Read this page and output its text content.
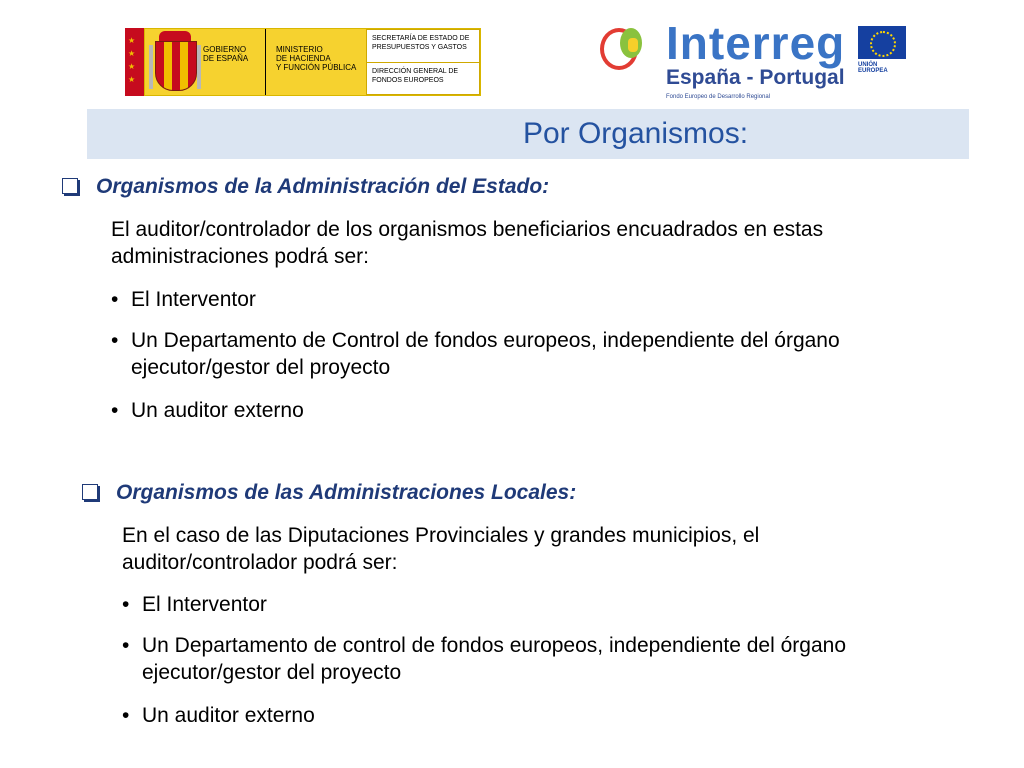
★
★
★
★
GOBIERNO
DE ESPAÑA
MINISTERIO
DE HACIENDA
Y FUNCIÓN PÚBLICA
SECRETARÍA DE ESTADO DE PRESUPUESTOS Y GASTOS
DIRECCIÓN GENERAL DE FONDOS EUROPEOS
Interreg
España - Portugal
Fondo Europeo de Desarrollo Regional
UNIÓN EUROPEA
Por Organismos:
Organismos de la Administración del Estado:
El auditor/controlador de los organismos beneficiarios encuadrados en estas
administraciones podrá ser:
• El Interventor
• Un Departamento de Control de fondos europeos, independiente del órgano
ejecutor/gestor del proyecto
• Un auditor externo
Organismos de las Administraciones Locales:
En el caso de las Diputaciones Provinciales y grandes municipios, el
auditor/controlador podrá ser:
• El Interventor
• Un Departamento de control de fondos europeos, independiente del órgano
ejecutor/gestor del proyecto
• Un auditor externo
